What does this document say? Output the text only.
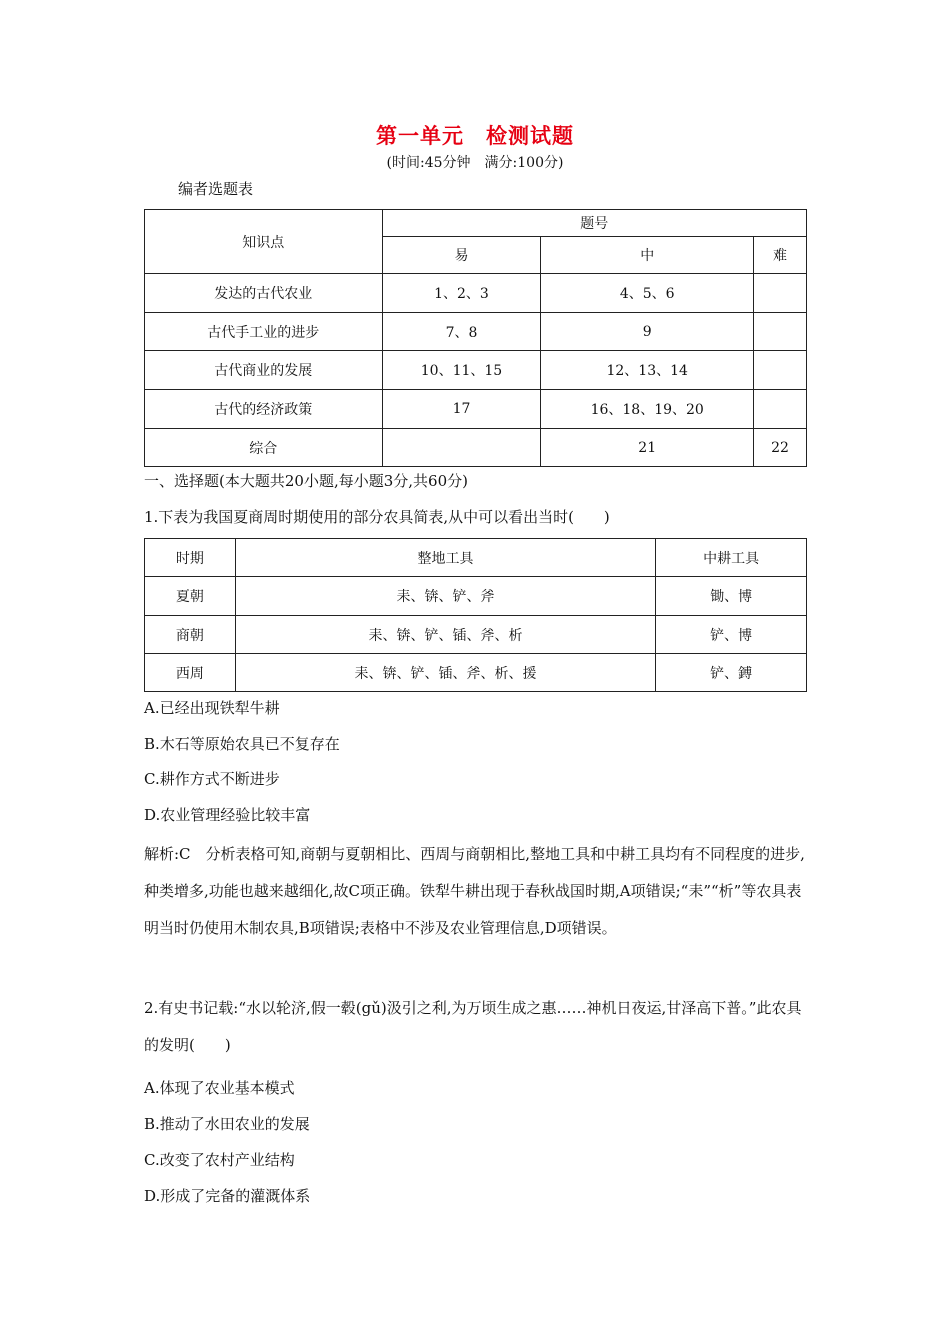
第一单元　检测试题
(时间:45分钟　满分:100分)
编者选题表
知识点	题号		
	易	中	难
发达的古代农业	1、2、3	4、5、6	
古代手工业的进步	7、8	9	
古代商业的发展	10、11、15	12、13、14	
古代的经济政策	17	16、18、19、20	
综合		21	22
一、选择题(本大题共20小题,每小题3分,共60分)
1.下表为我国夏商周时期使用的部分农具简表,从中可以看出当时(　　)
时期	整地工具	中耕工具
夏朝	耒、锛、铲、斧	锄、博
商朝	耒、锛、铲、锸、斧、析	铲、博
西周	耒、锛、铲、锸、斧、析、援	铲、鎛
A.已经出现铁犁牛耕
B.木石等原始农具已不复存在
C.耕作方式不断进步
D.农业管理经验比较丰富
解析:C　分析表格可知,商朝与夏朝相比、西周与商朝相比,整地工具和中耕工具均有不同程度的进步,种类增多,功能也越来越细化,故C项正确。铁犁牛耕出现于春秋战国时期,A项错误;“耒”“析”等农具表明当时仍使用木制农具,B项错误;表格中不涉及农业管理信息,D项错误。
2.有史书记载:“水以轮济,假一毂(gǔ)汲引之利,为万顷生成之惠……神机日夜运,甘泽高下普。”此农具的发明(　　)
A.体现了农业基本模式
B.推动了水田农业的发展
C.改变了农村产业结构
D.形成了完备的灌溉体系
